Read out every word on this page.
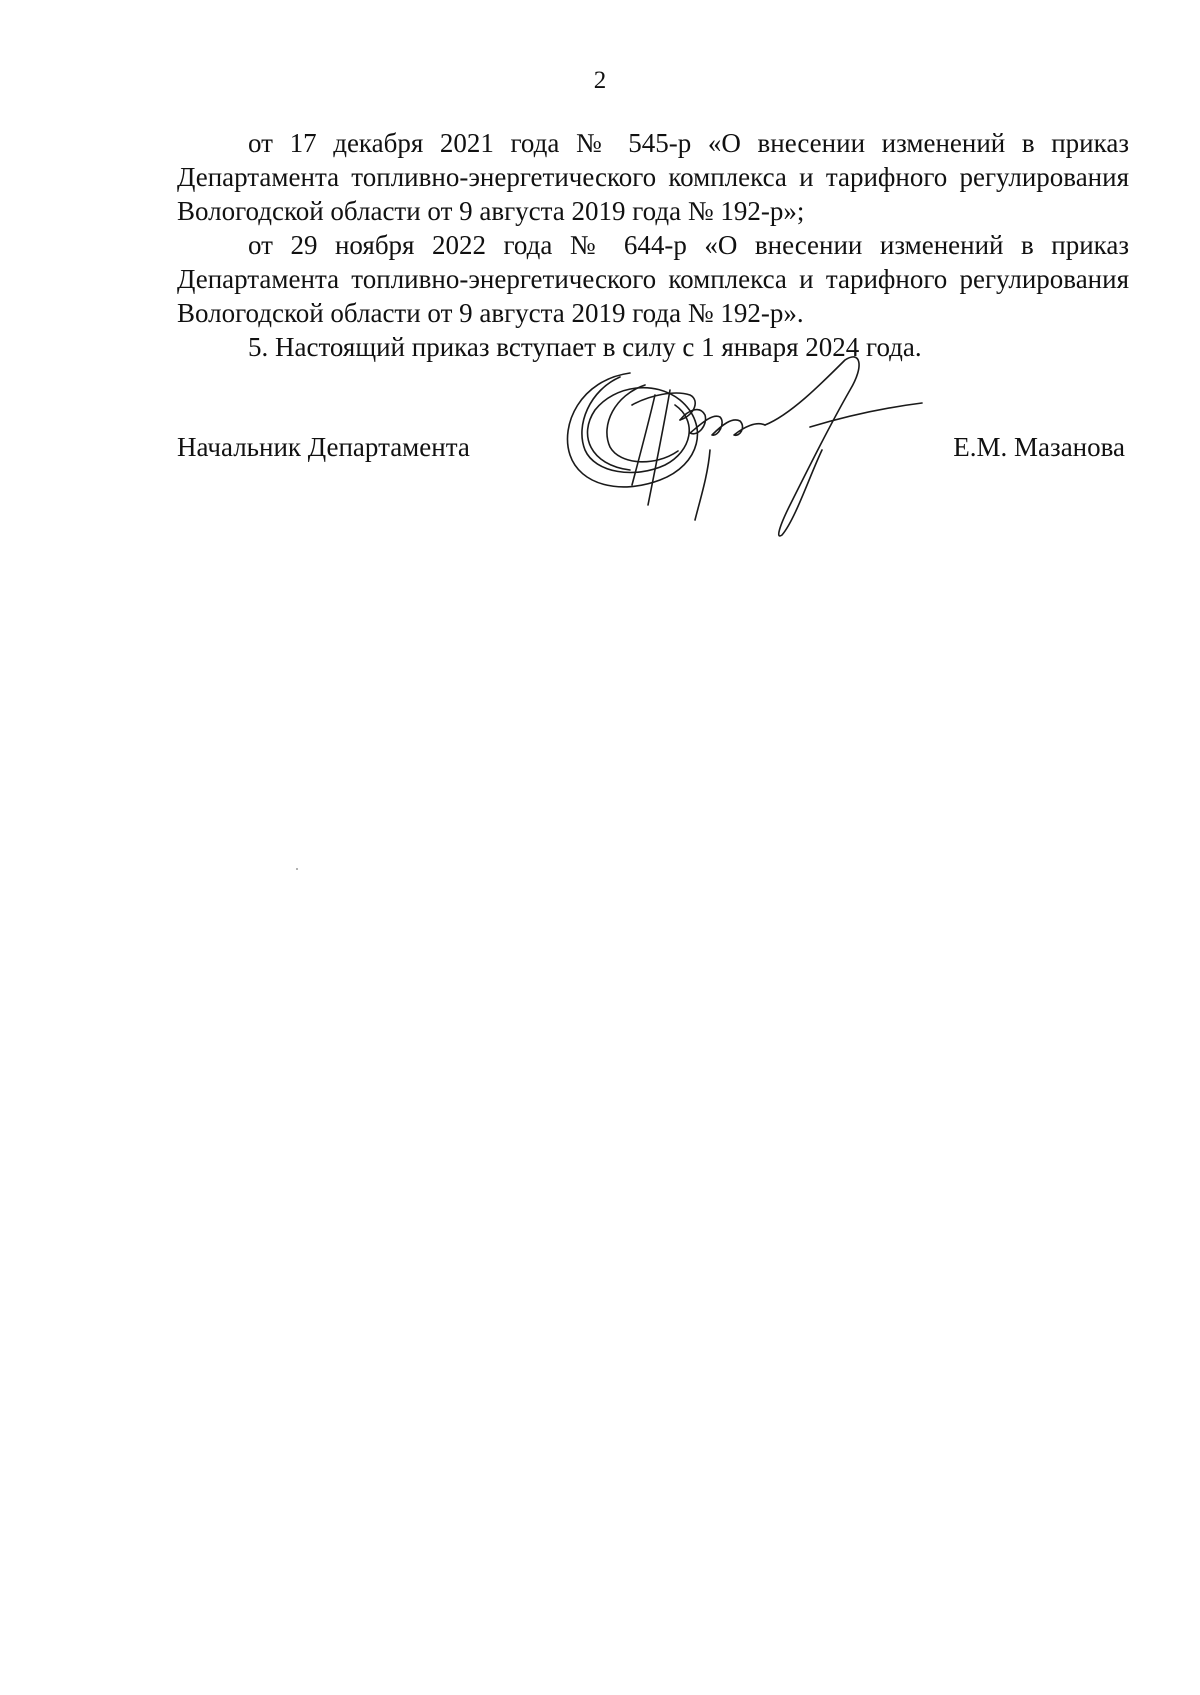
2

от 17 декабря 2021 года № 545-р «О внесении изменений в приказ Департамента топливно-энергетического комплекса и тарифного регулирования Вологодской области от 9 августа 2019 года № 192-р»;

от 29 ноября 2022 года № 644-р «О внесении изменений в приказ Департамента топливно-энергетического комплекса и тарифного регулирования Вологодской области от 9 августа 2019 года № 192-р».

5. Настоящий приказ вступает в силу с 1 января 2024 года.

Начальник Департамента	Е.М. Мазанова
